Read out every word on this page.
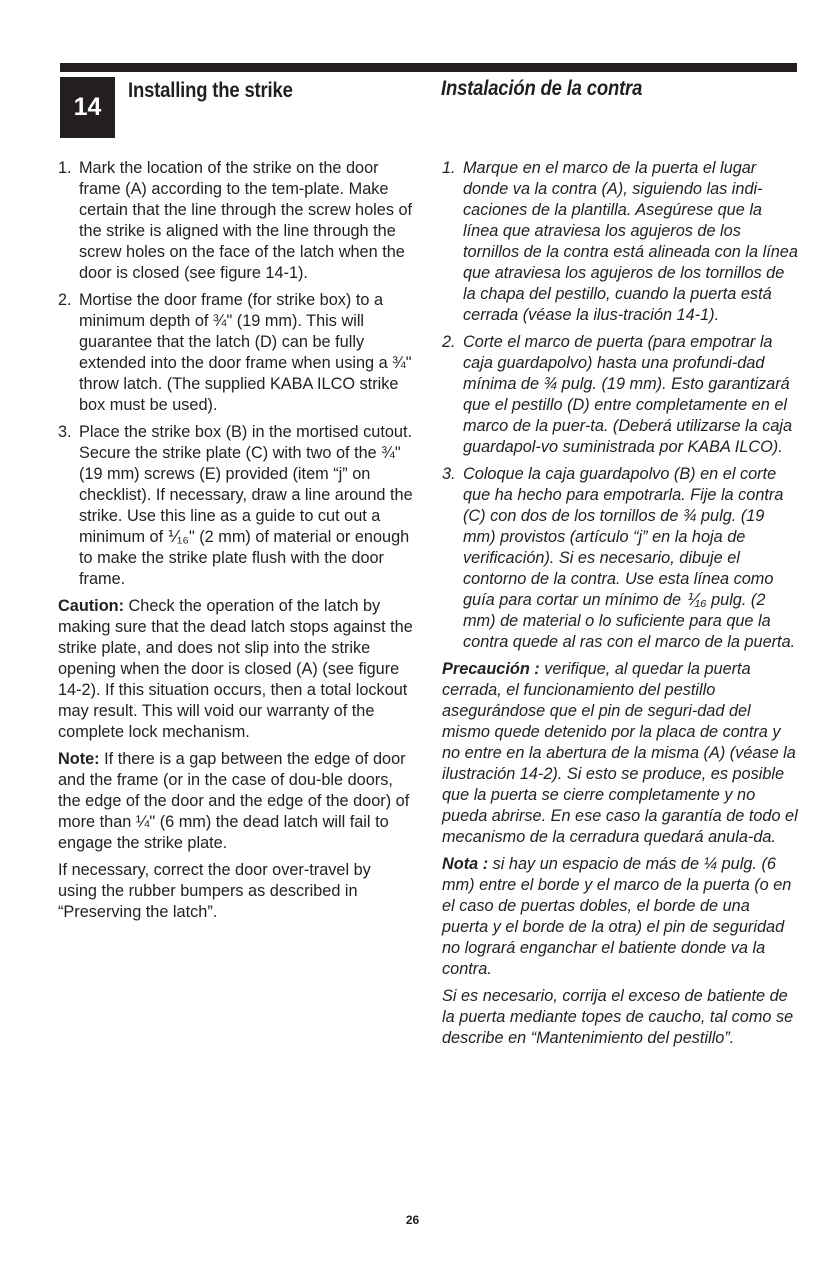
14
Installing the strike	Instalación de la contra
1. Mark the location of the strike on the door frame (A) according to the tem-plate. Make certain that the line through the screw holes of the strike is aligned with the line through the screw holes on the face of the latch when the door is closed (see figure 14-1).
2. Mortise the door frame (for strike box) to a minimum depth of ¾" (19 mm). This will guarantee that the latch (D) can be fully extended into the door frame when using a ¾" throw latch. (The supplied KABA ILCO strike box must be used).
3. Place the strike box (B) in the mortised cutout. Secure the strike plate (C) with two of the ¾" (19 mm) screws (E) provided (item “j” on checklist). If necessary, draw a line around the strike. Use this line as a guide to cut out a minimum of ⅟₁₆" (2 mm) of material or enough to make the strike plate flush with the door frame.

Caution: Check the operation of the latch by making sure that the dead latch stops against the strike plate, and does not slip into the strike opening when the door is closed (A) (see figure 14-2). If this situation occurs, then a total lockout may result. This will void our warranty of the complete lock mechanism.

Note: If there is a gap between the edge of door and the frame (or in the case of dou-ble doors, the edge of the door and the edge of the door) of more than ¼" (6 mm) the dead latch will fail to engage the strike plate.

If necessary, correct the door over-travel by using the rubber bumpers as described in “Preserving the latch”.

1. Marque en el marco de la puerta el lugar donde va la contra (A), siguiendo las indi-caciones de la plantilla. Asegúrese que la línea que atraviesa los agujeros de los tornillos de la contra está alineada con la línea que atraviesa los agujeros de los tornillos de la chapa del pestillo, cuando la puerta está cerrada (véase la ilus-tración 14-1).
2. Corte el marco de puerta (para empotrar la caja guardapolvo) hasta una profundi-dad mínima de ¾ pulg. (19 mm). Esto garantizará que el pestillo (D) entre completamente en el marco de la puer-ta. (Deberá utilizarse la caja guardapol-vo suministrada por KABA ILCO).
3. Coloque la caja guardapolvo (B) en el corte que ha hecho para empotrarla. Fije la contra (C) con dos de los tornillos de ¾ pulg. (19 mm) provistos (artículo “j” en la hoja de verificación). Si es necesario, dibuje el contorno de la contra. Use esta línea como guía para cortar un mínimo de ⅟₁₆ pulg. (2 mm) de material o lo suficiente para que la contra quede al ras con el marco de la puerta.

Precaución : verifique, al quedar la puerta cerrada, el funcionamiento del pestillo asegurándose que el pin de seguri-dad del mismo quede detenido por la placa de contra y no entre en la abertura de la misma (A) (véase la ilustración 14-2). Si esto se produce, es posible que la puerta se cierre completamente y no pueda abrirse. En ese caso la garantía de todo el mecanismo de la cerradura quedará anula-da.

Nota : si hay un espacio de más de ¼ pulg. (6 mm) entre el borde y el marco de la puerta (o en el caso de puertas dobles, el borde de una puerta y el borde de la otra) el pin de seguridad no logrará enganchar el batiente donde va la contra.

Si es necesario, corrija el exceso de batiente de la puerta mediante topes de caucho, tal como se describe en “Mantenimiento del pestillo”.

26
